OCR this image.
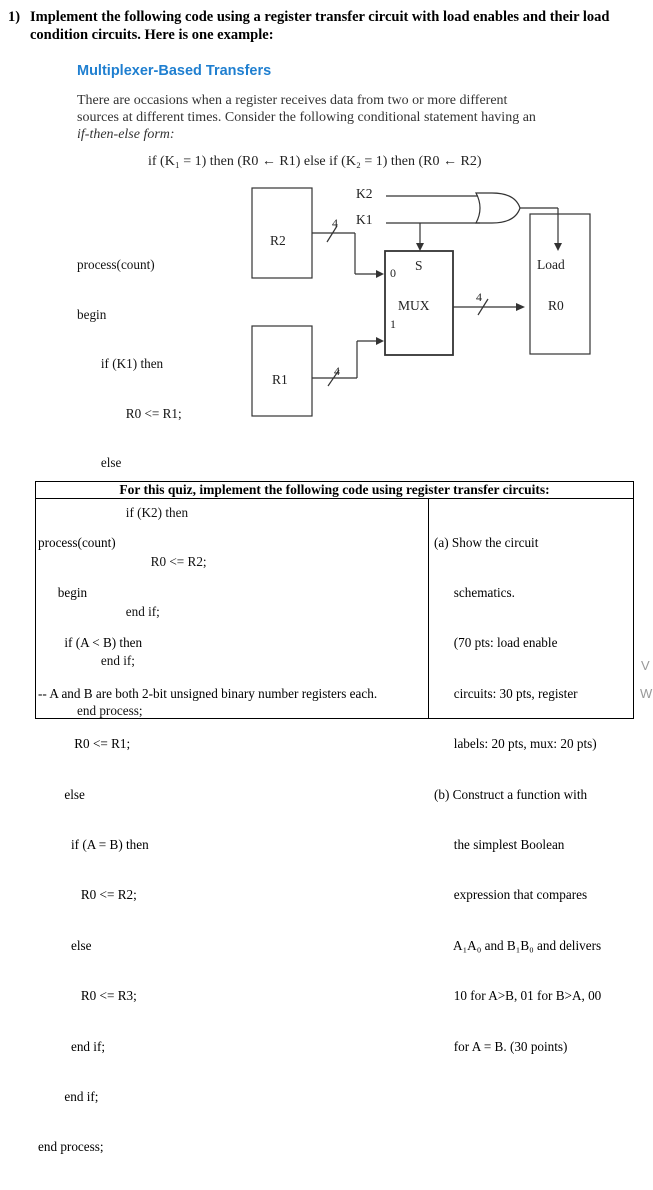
1) Implement the following code using a register transfer circuit with load enables and their load
condition circuits. Here is one example:
Multiplexer-Based Transfers
There are occasions when a register receives data from two or more different
sources at different times. Consider the following conditional statement having an
if-then-else form:
if (K₁ = 1) then (R0 ← R1) else if (K₂ = 1) then (R0 ← R2)

process(count)

begin

if (K1) then

R0 <= R1;

else

if (K2) then

R0 <= R2;

end if;

end if;

end process;

K2
K1
4
4
4
R2
R1
S
0
1
MUX
Load
R0
For this quiz, implement the following code using register transfer circuits:

process(count)

begin

if (A < B) then

-- A and B are both 2-bit unsigned binary number registers each.

R0 <= R1;

else

if (A = B) then

R0 <= R2;

else

R0 <= R3;

end if;

end if;

end process;

(a) Show the circuit

schematics.

(70 pts: load enable

circuits: 30 pts, register

labels: 20 pts, mux: 20 pts)

(b) Construct a function with

the simplest Boolean

expression that compares

A₁A₀ and B₁B₀ and delivers

10 for A>B, 01 for B>A, 00

for A = B. (30 points)

V
W
